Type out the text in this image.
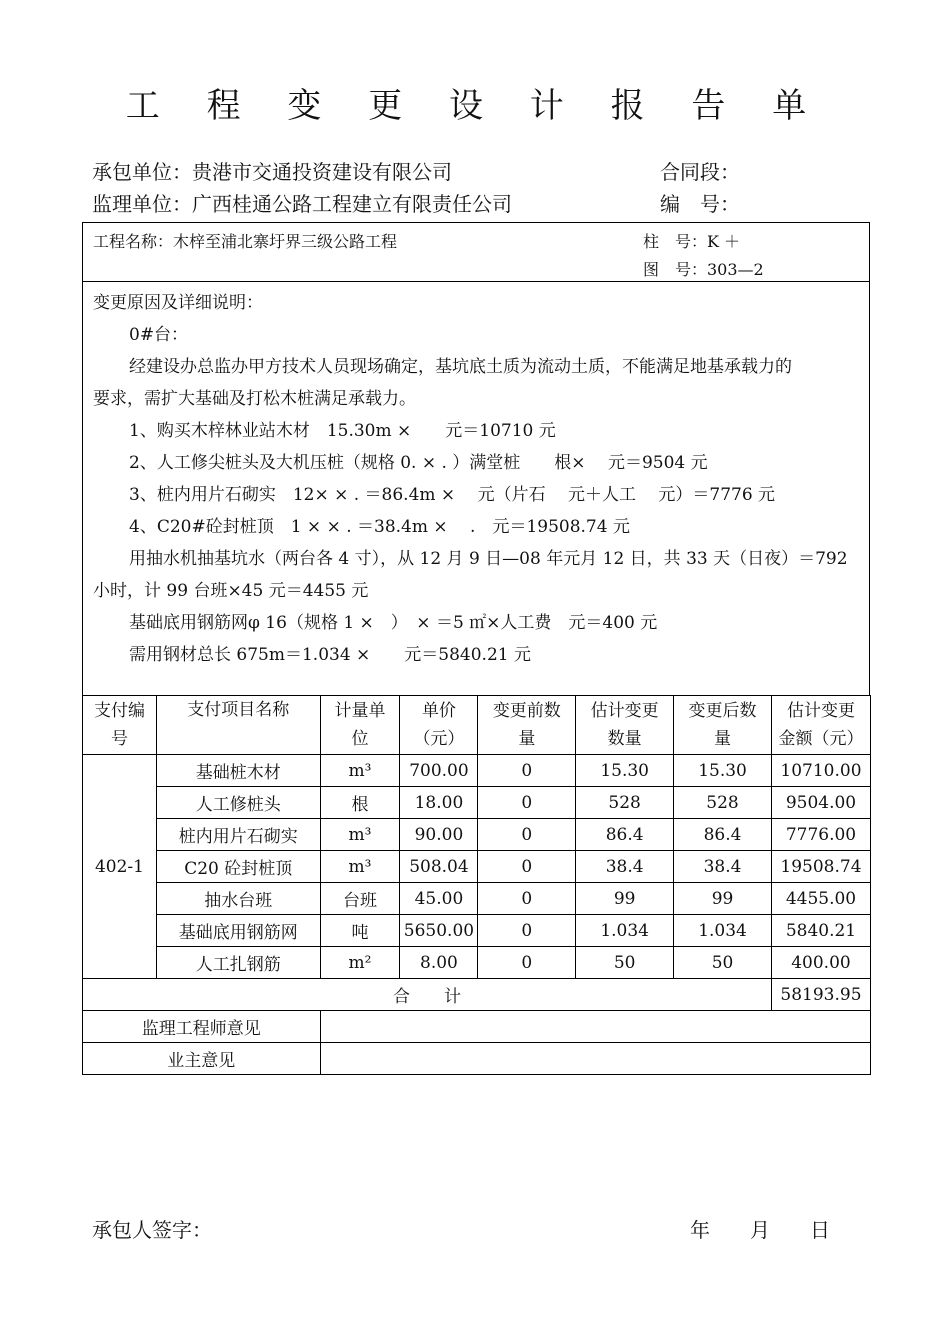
工 程 变 更 设 计 报 告 单
承包单位：贵港市交通投资建设有限公司	合同段：
监理单位：广西桂通公路工程建立有限责任公司	编　号：
工程名称：木梓至浦北寨圩界三级公路工程	柱　号：K ＋
图　号：303—2
变更原因及详细说明：
0#台：
经建设办总监办甲方技术人员现场确定，基坑底土质为流动土质，不能满足地基承载力的
要求，需扩大基础及打松木桩满足承载力。
1、购买木梓林业站木材　15.30m ×　　元＝10710 元
2、人工修尖桩头及大机压桩（规格 0. × . ）满堂桩　　根×　 元＝9504 元
3、桩内用片石砌实　12× × . ＝86.4m ×　 元（片石　 元＋人工　 元）＝7776 元
4、C20#砼封桩顶　1 × × . ＝38.4m ×　 .　元＝19508.74 元
用抽水机抽基坑水（两台各 4 寸），从 12 月 9 日—08 年元月 12 日，共 33 天（日夜）＝792
小时，计 99 台班×45 元＝4455 元
基础底用钢筋网φ 16（规格 1 ×　）　× ＝5 ㎡×人工费　元＝400 元
需用钢材总长 675m＝1.034 ×　　元＝5840.21 元
支付编
号	支付项目名称	计量单
位	单价
（元）	变更前数
量	估计变更
数量	变更后数
量	估计变更
金额（元）
402-1	基础桩木材	m³	700.00	0	15.30	15.30	10710.00
	人工修桩头	根	18.00	0	528	528	9504.00
	桩内用片石砌实	m³	90.00	0	86.4	86.4	7776.00
	C20 砼封桩顶	m³	508.04	0	38.4	38.4	19508.74
	抽水台班	台班	45.00	0	99	99	4455.00
	基础底用钢筋网	吨	5650.00	0	1.034	1.034	5840.21
	人工扎钢筋	m²	8.00	0	50	50	400.00
合　　计							58193.95
监理工程师意见							
业主意见							
承包人签字：	年　　月　　日
